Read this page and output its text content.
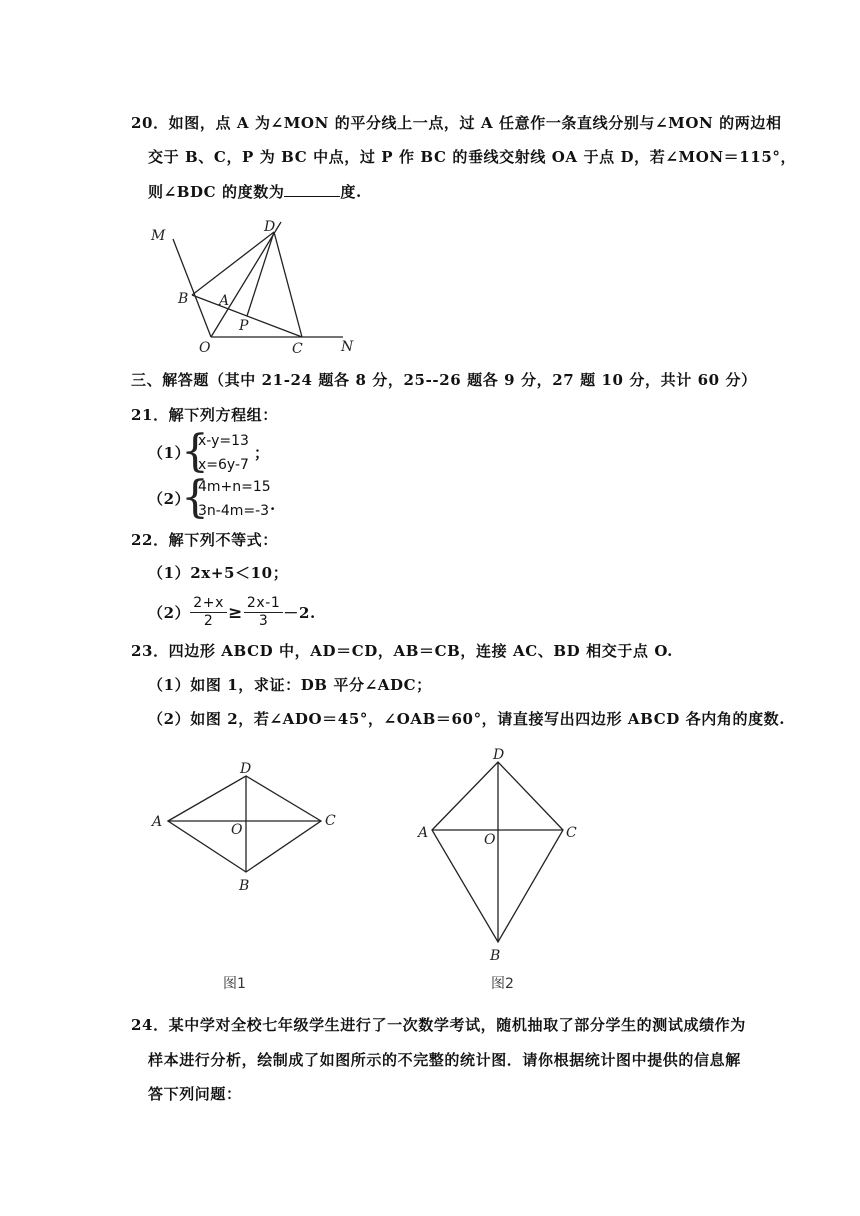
20．如图，点 A 为∠MON 的平分线上一点，过 A 任意作一条直线分别与∠MON 的两边相
交于 B、C，P 为 BC 中点，过 P 作 BC 的垂线交射线 OA 于点 D，若∠MON＝115°，
则∠BDC 的度数为	度.
M
D
B A
P
O	C	N
D
A	O
C
B
图1
D
A	O	C
B
图2
三、解答题（其中 21-24 题各 8 分，25--26 题各 9 分，27 题 10 分，共计 60 分）
21．解下列方程组：
（1）
{
x-y=13
x=6y-7
；
（2）
{
4m+n=15
3n-4m=-3 .
22．解下列不等式：
（1）2x+5＜10；
$(2) \frac{2+x}{2} \ge \frac{2x-1}{3} -2$.
23．四边形 ABCD 中，AD＝CD，AB＝CB，连接 AC、BD 相交于点 O.
（1）如图 1，求证：DB 平分∠ADC；
（2）如图 2，若∠ADO＝45°，∠OAB＝60°，请直接写出四边形 ABCD 各内角的度数.
24．某中学对全校七年级学生进行了一次数学考试，随机抽取了部分学生的测试成绩作为
样本进行分析，绘制成了如图所示的不完整的统计图．请你根据统计图中提供的信息解
答下列问题：
